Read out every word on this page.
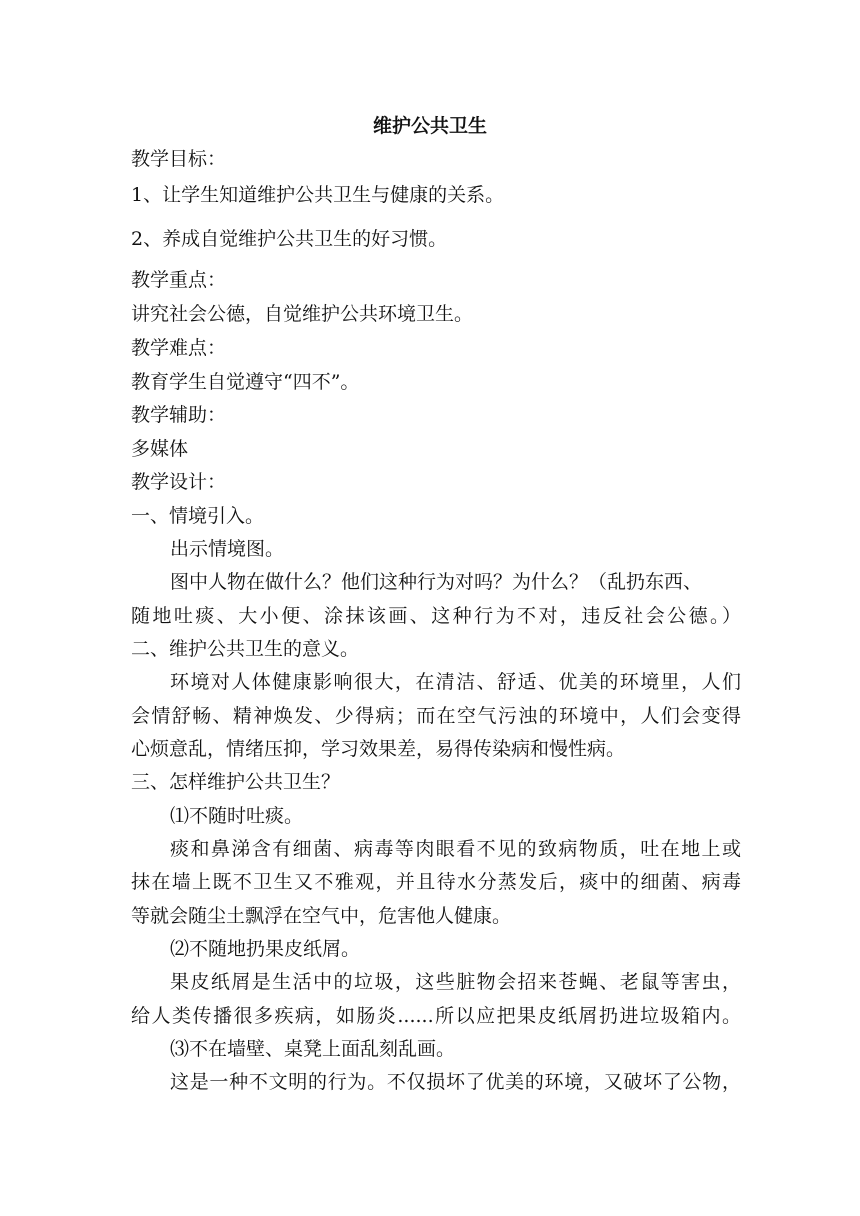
维护公共卫生

教学目标：

1、让学生知道维护公共卫生与健康的关系。

2、养成自觉维护公共卫生的好习惯。

教学重点：

讲究社会公德，自觉维护公共环境卫生。

教学难点：

教育学生自觉遵守“四不”。

教学辅助：

多媒体

教学设计：

一、情境引入。

出示情境图。

图中人物在做什么？他们这种行为对吗？为什么？（乱扔东西、

随地吐痰、大小便、涂抹该画、这种行为不对，违反社会公德。）

二、维护公共卫生的意义。

环境对人体健康影响很大，在清洁、舒适、优美的环境里，人们

会情舒畅、精神焕发、少得病；而在空气污浊的环境中，人们会变得

心烦意乱，情绪压抑，学习效果差，易得传染病和慢性病。

三、怎样维护公共卫生？

⑴不随时吐痰。

痰和鼻涕含有细菌、病毒等肉眼看不见的致病物质，吐在地上或

抹在墙上既不卫生又不雅观，并且待水分蒸发后，痰中的细菌、病毒

等就会随尘土飘浮在空气中，危害他人健康。

⑵不随地扔果皮纸屑。

果皮纸屑是生活中的垃圾，这些脏物会招来苍蝇、老鼠等害虫，

给人类传播很多疾病，如肠炎......所以应把果皮纸屑扔进垃圾箱内。

⑶不在墙壁、桌凳上面乱刻乱画。

这是一种不文明的行为。不仅损坏了优美的环境，又破坏了公物，
